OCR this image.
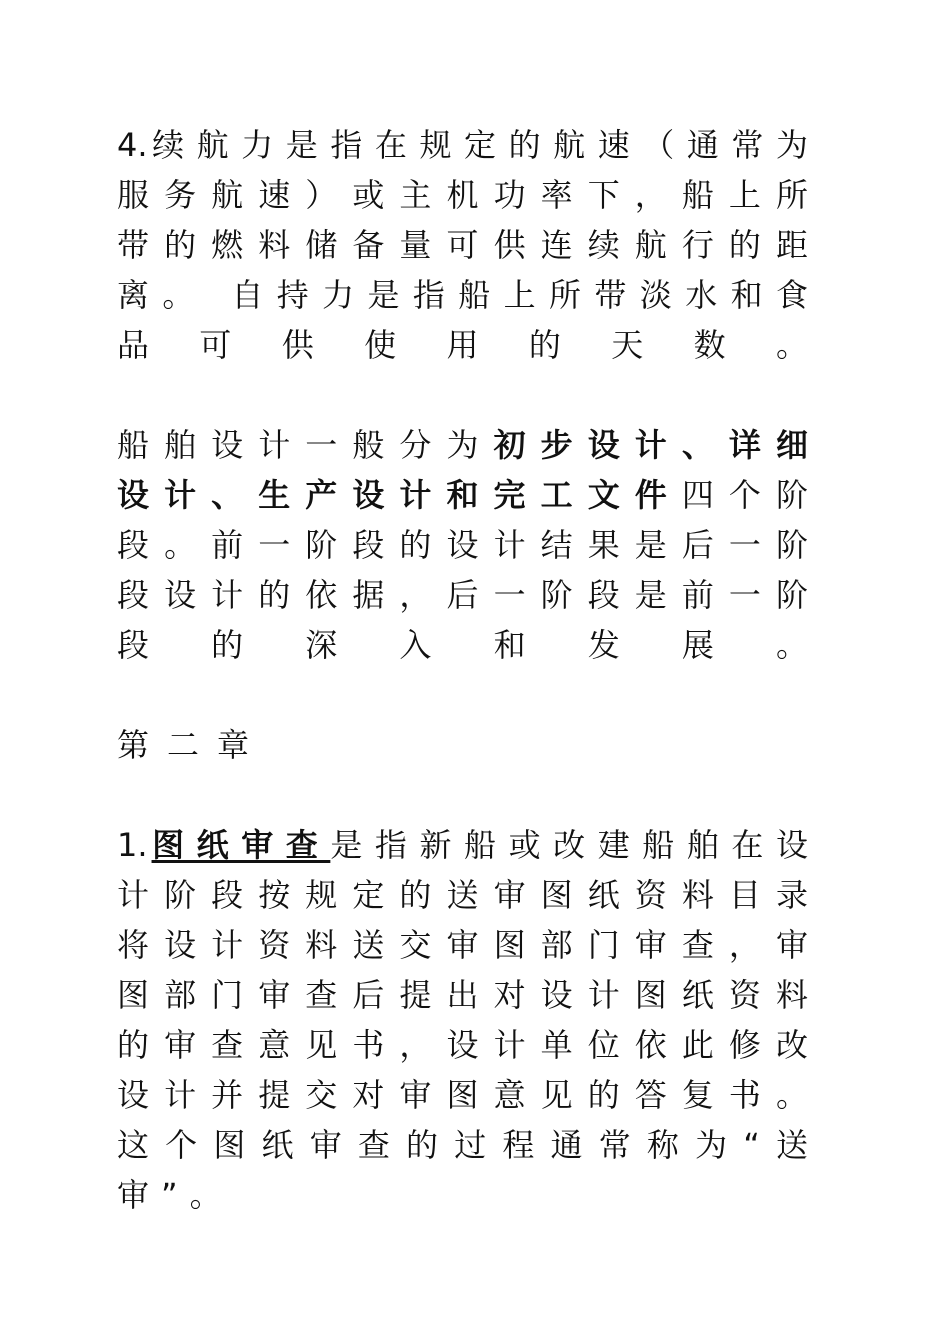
4. 续航力是指在规定的航速（通常为服务航速）或主机功率下，船上所带的燃料储备量可供连续航行的距离。 自持力是指船上所带淡水和食品可供使用的天数。

船舶设计一般分为初步设计、详细设计、生产设计和完工文件四个阶段。前一阶段的设计结果是后一阶段设计的依据，后一阶段是前一阶段的深入和发展。

第二章

1. 图纸审查是指新船或改建船舶在设计阶段按规定的送审图纸资料目录将设计资料送交审图部门审查，审图部门审查后提出对设计图纸资料的审查意见书，设计单位依此修改设计并提交对审图意见的答复书。这个图纸审查的过程通常称为“送审”。
